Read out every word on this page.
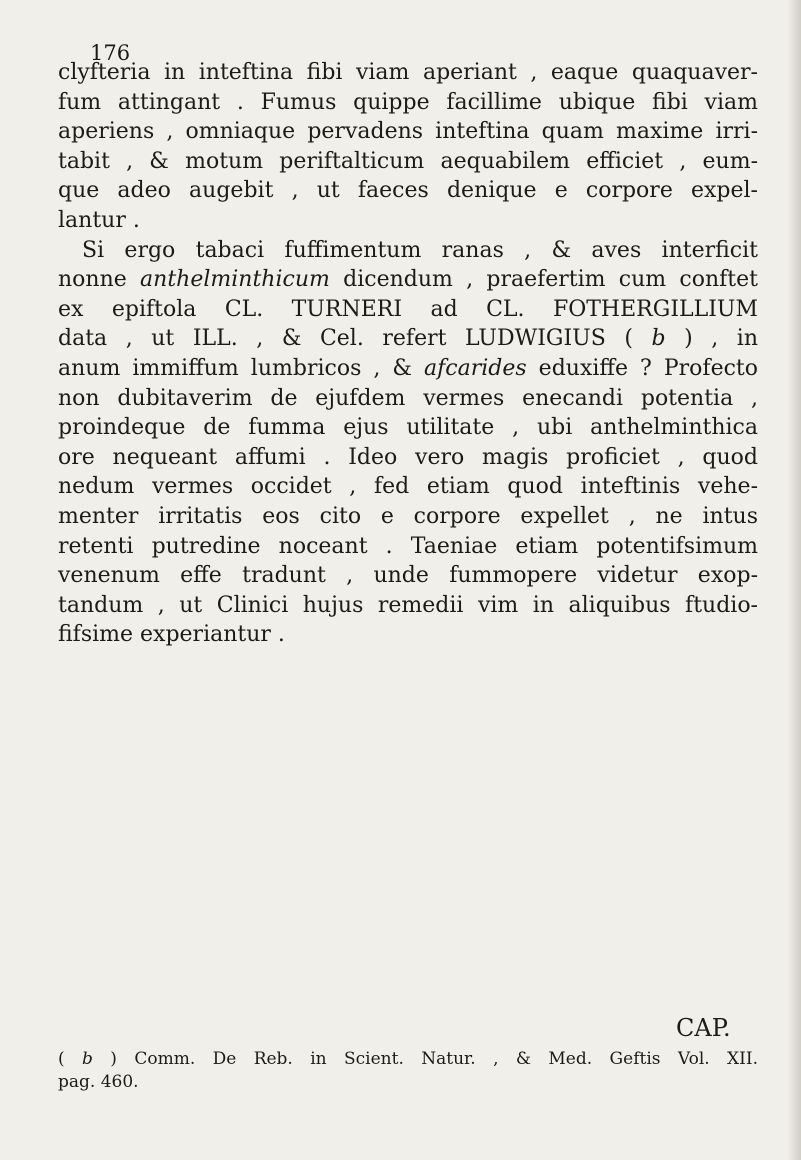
176
clyfteria in inteftina fibi viam aperiant , eaque quaquaver-
fum attingant . Fumus quippe facillime ubique fibi viam
aperiens , omniaque pervadens inteftina quam maxime irri-
tabit , & motum periftalticum aequabilem efficiet , eum-
que adeo augebit , ut faeces denique e corpore expel-
lantur .
Si ergo tabaci fuffimentum ranas , & aves interficit
nonne anthelminthicum dicendum , praefertim cum conftet
ex epiftola CL. TURNERI ad CL. FOTHERGILLIUM
data , ut ILL. , & Cel. refert LUDWIGIUS ( b ) , in
anum immiffum lumbricos , & afcarides eduxiffe ? Profecto
non dubitaverim de ejufdem vermes enecandi potentia ,
proindeque de fumma ejus utilitate , ubi anthelminthica
ore nequeant affumi . Ideo vero magis proficiet , quod
nedum vermes occidet , fed etiam quod inteftinis vehe-
menter irritatis eos cito e corpore expellet , ne intus
retenti putredine noceant . Taeniae etiam potentifsimum
venenum effe tradunt , unde fummopere videtur exop-
tandum , ut Clinici hujus remedii vim in aliquibus ftudio-
fifsime experiantur .
CAP.
( b ) Comm. De Reb. in Scient. Natur. , & Med. Geftis Vol. XII.
pag. 460.
